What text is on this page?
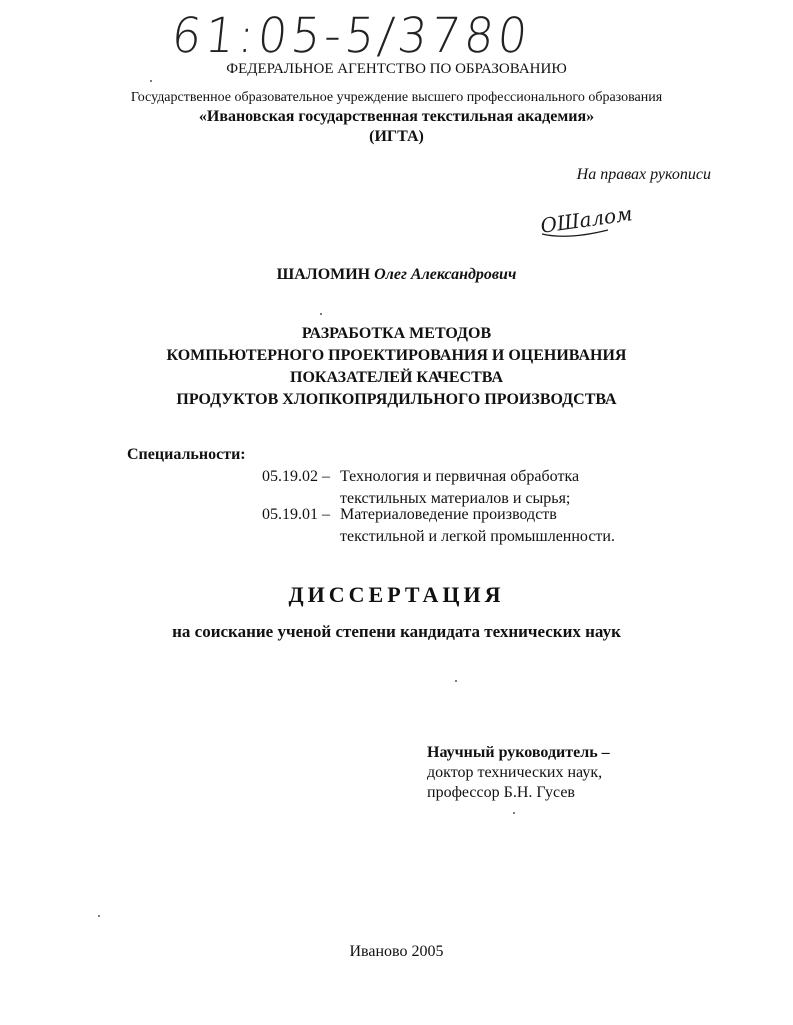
61:05-5/3780
ФЕДЕРАЛЬНОЕ АГЕНТСТВО ПО ОБРАЗОВАНИЮ
Государственное образовательное учреждение высшего профессионального образования
«Ивановская государственная текстильная академия»
(ИГТА)
На правах рукописи
ОШалом
ШАЛОМИН Олег Александрович
РАЗРАБОТКА МЕТОДОВ
КОМПЬЮТЕРНОГО ПРОЕКТИРОВАНИЯ И ОЦЕНИВАНИЯ
ПОКАЗАТЕЛЕЙ КАЧЕСТВА
ПРОДУКТОВ ХЛОПКОПРЯДИЛЬНОГО ПРОИЗВОДСТВА
Специальности:
05.19.02 – Технология и первичная обработка
текстильных материалов и сырья;
05.19.01 – Материаловедение производств
текстильной и легкой промышленности.
ДИССЕРТАЦИЯ
на соискание ученой степени кандидата технических наук
Научный руководитель –
доктор технических наук,
профессор Б.Н. Гусев
Иваново 2005
